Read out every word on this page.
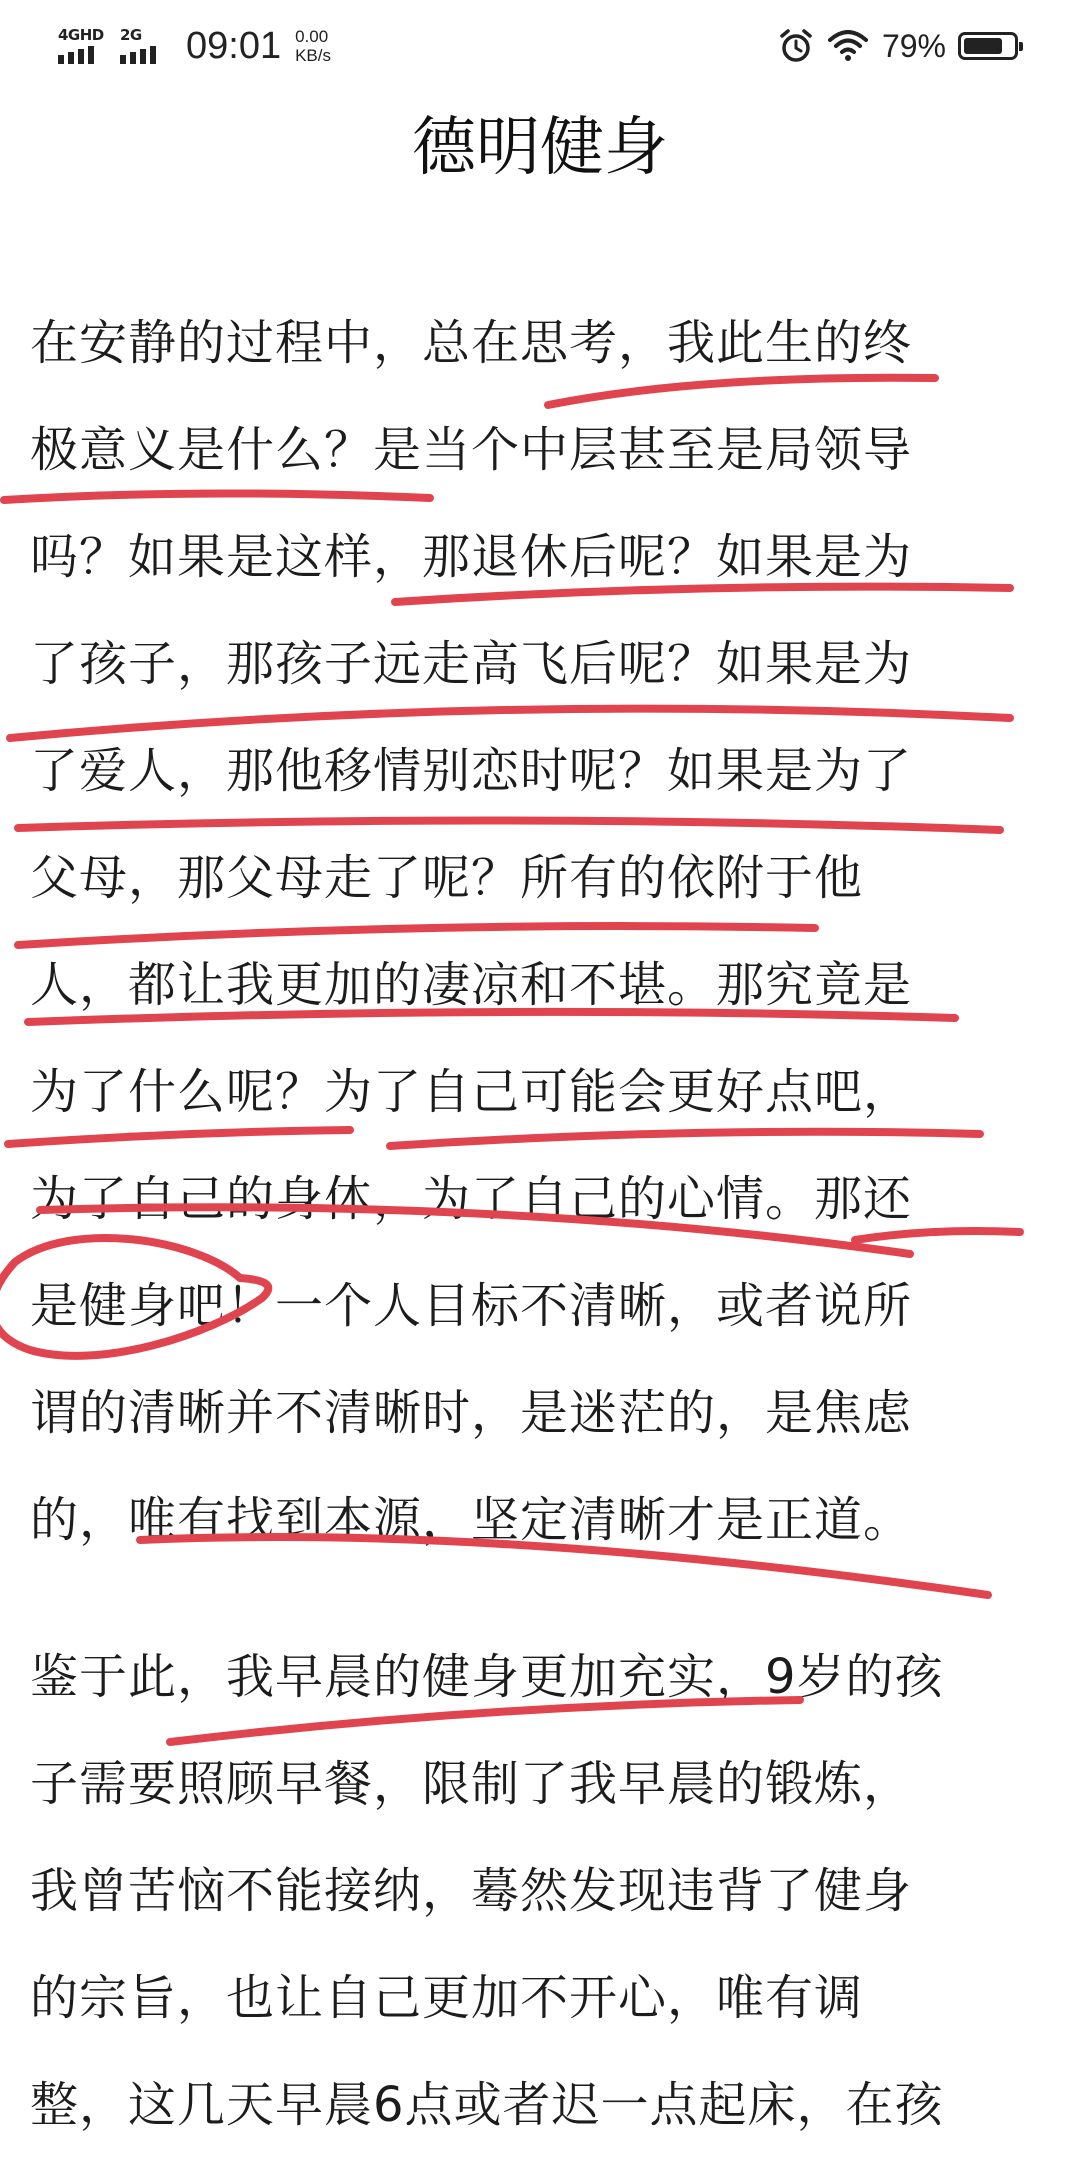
4GHD 2G 09:01 0.00
KB/s	79%
德明健身
在安静的过程中，总在思考，我此生的终
极意义是什么？是当个中层甚至是局领导
吗？如果是这样，那退休后呢？如果是为
了孩子，那孩子远走高飞后呢？如果是为
了爱人，那他移情别恋时呢？如果是为了
父母，那父母走了呢？所有的依附于他
人，都让我更加的凄凉和不堪。那究竟是
为了什么呢？为了自己可能会更好点吧，
为了自己的身体，为了自己的心情。那还
是健身吧！一个人目标不清晰，或者说所
谓的清晰并不清晰时，是迷茫的，是焦虑
的，唯有找到本源，坚定清晰才是正道。
鉴于此，我早晨的健身更加充实，9岁的孩
子需要照顾早餐，限制了我早晨的锻炼，
我曾苦恼不能接纳，蓦然发现违背了健身
的宗旨，也让自己更加不开心，唯有调
整，这几天早晨6点或者迟一点起床，在孩
